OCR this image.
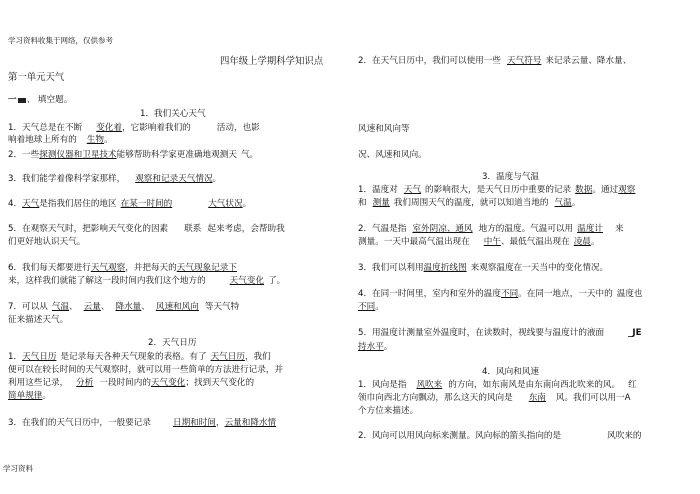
学习资料收集于网络，仅供参考
学习资料
四年级上学期科学知识点
第一单元天气
一 、 填空题。
1．我们关心天气
1．天气总是在不断 变化着，它影响着我们的	活动，也影
响着地球上所有的 生物。
2．一些探测仪器和卫星技术能够帮助科学家更准确地观测天 气。
3．我们能学着像科学家那样， 观察和记录天气情况。
4．天气是指我们居住的地区 在某一时间的	大气状况。
5．在观察天气时，把影响天气变化的因素 联系 起来考虑，会帮助我
们更好地认识天气。
6．我们每天都要进行天气观察，并把每天的天气现象记录下
来，这样我们就能了解这一段时间内我们这个地方的	天气变化 了。
7．可以从 气温、 云量、 降水量、 风速和风向 等天气特
征来描述天气。
2．天气日历
1．天气日历 是记录每天各种天气现象的表格。有了 天气日历，我们
便可以在较长时间的天气观察时，就可以用一些简单的方法进行记录，并
利用这些记录， 分析 一段时间内的天气变化；找到天气变化的
简单规律。
3．在我们的天气日历中，一般要记录	日期和时间，云量和降水情
2．在天气日历中，我们可以使用一些 天气符号 来记录云量、降水量、
风速和风向等
况、风速和风向。
3．温度与气温
1．温度对 天气 的影响很大，是天气日历中重要的记录 数据。通过观察
和 测量 我们周围天气的温度，就可以知道当地的 气温。
2．气温是指 室外阴凉、通风 地方的温度。气温可以用 温度计 来
测量。一天中最高气温出现在 中午、最低气温出现在 凌晨。
3．我们可以利用温度折线图 来观察温度在一天当中的变化情况。
4．在同一时间里，室内和室外的温度不同。在同一地点，一天中的 温度也
不同。
5．用温度计测量室外温度时，在读数时，视线要与温度计的液面	_JE
持水平。
4．风向和风速
1．风向是指 风吹来 的方向，如东南风是由东南向西北吹来的风。 红
领巾向西北方向飘动，那么这天的风向是 东南 风。我们可以用一A
个方位来描述。
2．风向可以用风向标来测量。风向标的箭头指向的是	风吹来的
